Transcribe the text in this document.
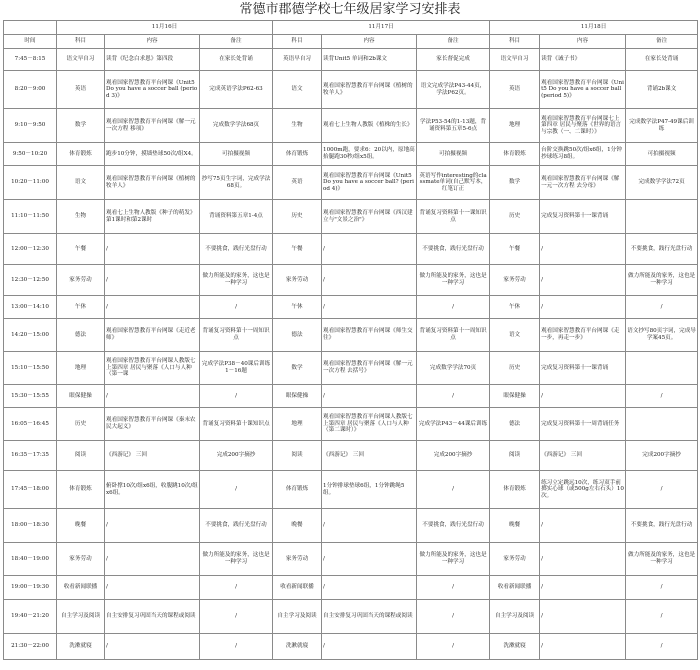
常德市郡德学校七年级居家学习安排表
	11月16日			11月17日			11月18日		
时间	科目	内容	备注	科目	内容	备注	科目	内容	备注
7:45－8:15	语文早自习	读背《纪念白求恩》第四段	在家长处背诵	英语早自习	读背Unit5 单词和2b课文	家长督促完成	语文早自习	读背《诫子书》	在家长处背诵
8:20－9:00	英语	观看国家智慧教育平台网课《Unit5 Do you have a soccer ball (period 3)》	完成英语学法P62-63	语文	观看国家智慧教育平台网课《植树的牧羊人》	语文完成学法P43-44页，学法P62页。	英语	观看国家智慧教育平台网课《Unit5 Do you have a soccer ball (period 5)》	背诵2b课文
9:10－9:50	数学	观看国家智慧教育平台网课《解一元一次方程 移项》	完成数学学法68页	生物	观看七上生物人教版《植株的生长》	学法P53-54的1-13题，背诵资料第五章5-6点	地理	观看国家智慧教育平台网课七上第四章 居民与聚落《世界的语言与宗教（一、二课时）》	完成数学法P47-49课后训练
9:50－10:20	体育锻炼	跑步10分钟，摸墙垫球50次/组X4。	可拍摄视频	体育锻炼	1000m跑，要求6：20以内，原地高抬腿跑30秒/组x5组。	可拍摄视频	体育锻炼	台阶交换跳50次/组x6组，1分钟抄球练习8组。	可拍摄视频
10:20－11:00	语文	观看国家智慧教育平台网课《植树的牧羊人》	抄写75页生字词，完成学法68页。	英语	观看国家智慧教育平台网课《Unit5 Do you have a soccer ball? (period 4)》	英语写作interesting的classmate单词(自己默写本，红笔订正	数学	观看国家智慧教育平台网课《解一元一次方程 去分母》	完成数学学法72页
11:10－11:50	生物	观看七上生物人教版《种子的萌发》第1课时和第2课时	背诵资料第五章1-4点	历史	观看国家智慧教育平台网课《西汉建立与"文景之治"》	背诵复习资料第十一课知识点	历史	完成复习资料第十一课背诵	
12:00－12:30	午餐	/	不要挑食，践行光盘行动	午餐	/	不要挑食，践行光盘行动	午餐	/	不要挑食，践行光盘行动
12:30－12:50	家务劳动	/	做力所能及的家务，这也是一种学习	家务劳动	/	做力所能及的家务，这也是一种学习	家务劳动	/	做力所能及的家务，这也是一种学习
13:00－14:10	午休	/	/	午休	/	/	午休	/	/
14:20－15:00	德法	观看国家智慧教育平台网课《走近老师》	背诵复习资料第十一周知识点	德法	观看国家智慧教育平台网课《师生交往》	背诵复习资料第十一周知识点	语文	观看国家智慧教育平台网课《走一步，再走一步》	语文抄写80页字词，完成导学案45页。
15:10－15:50	地理	观看国家智慧教育平台网课人教版七上第四章 居民与聚落《人口与人种（第一课	完成学法P38－40课后训练1－16题	数学	观看国家智慧教育平台网课《解一元一次方程 去括号》	完成数学学法70页	历史	完成复习资料第十一课背诵	
15:30－15:55	眼保健操	/	/	眼保健操	/	/	眼保健操	/	/
16:05－16:45	历史	观看国家智慧教育平台网课《秦末农民大起义》	背诵复习资料第十课知识点	地理	观看国家智慧教育平台网课人教版七上第四章 居民与聚落《人口与人种（第二课时）》	完成学法P43－44课后训练	德法	完成复习资料第十一周背诵任务	
16:35－17:35	阅读	《西游记》 三回	完成200字摘抄	阅读	《西游记》 三回	完成200字摘抄	阅读	《西游记》 三回	完成200字摘抄
17:45－18:00	体育锻炼	俯卧撑10次/组x6组，收腹跳10次/组x6组。	/	体育锻炼	1分钟排球垫球6组，1分钟跳绳5组。	/	体育锻炼	练习立定跳远10次，练习双手前掷实心球（或500g左右石头）10次。	/
18:00－18:30	晚餐	/	不要挑食，践行光盘行动	晚餐	/	不要挑食，践行光盘行动	晚餐	/	不要挑食，践行光盘行动
18:40－19:00	家务劳动	/	做力所能及的家务，这也是一种学习	家务劳动	/	做力所能及的家务，这也是一种学习	家务劳动	/	做力所能及的家务，这也是一种学习
19:00－19:30	收看新闻联播	/	/	收看新闻联播	/	/	收看新闻联播	/	/
19:40－21:20	自主学习及阅读	自主安排复习巩固当天的课程或阅读	/	自主学习及阅读	自主安排复习巩固当天的课程或阅读	/	自主学习及阅读	/	/
21:30－22:00	洗漱就寝	/	/	洗漱就寝	/	/	洗漱就寝	/	/
